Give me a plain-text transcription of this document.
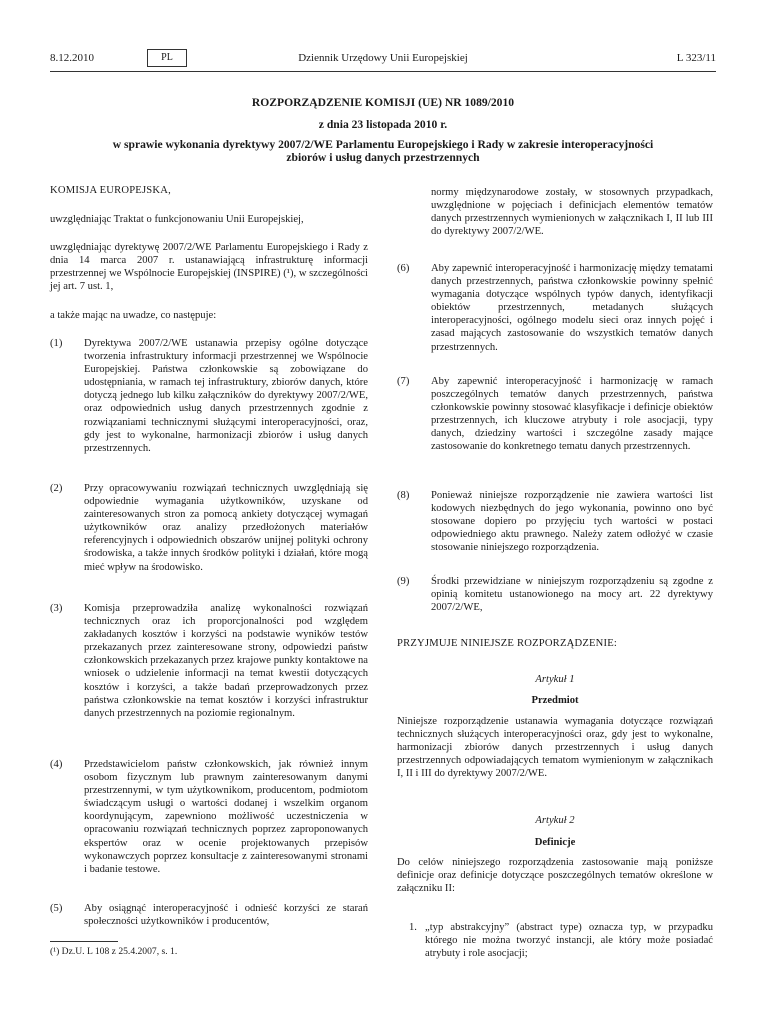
Dziennik Urzędowy Unii Europejskiej
8.12.2010	PL	L 323/11
ROZPORZĄDZENIE KOMISJI (UE) NR 1089/2010
z dnia 23 listopada 2010 r.
w sprawie wykonania dyrektywy 2007/2/WE Parlamentu Europejskiego i Rady w zakresie interoperacyjności zbiorów i usług danych przestrzennych

KOMISJA EUROPEJSKA,

uwzględniając Traktat o funkcjonowaniu Unii Europejskiej,

uwzględniając dyrektywę 2007/2/WE Parlamentu Europejskiego i Rady z dnia 14 marca 2007 r. ustanawiającą infrastrukturę informacji przestrzennej we Wspólnocie Europejskiej (INSPIRE) (¹), w szczególności jej art. 7 ust. 1,

a także mając na uwadze, co następuje:

(1) Dyrektywa 2007/2/WE ustanawia przepisy ogólne dotyczące tworzenia infrastruktury informacji przestrzennej we Wspólnocie Europejskiej. Państwa członkowskie są zobowiązane do udostępniania, w ramach tej infrastruktury, zbiorów danych, które dotyczą jednego lub kilku załączników do dyrektywy 2007/2/WE, oraz odpowiednich usług danych przestrzennych zgodnie z rozwiązaniami technicznymi służącymi interoperacyjności, oraz, gdy jest to wykonalne, harmonizacji zbiorów i usług danych przestrzennych.

(2) Przy opracowywaniu rozwiązań technicznych uwzględniają się odpowiednie wymagania użytkowników, uzyskane od zainteresowanych stron za pomocą ankiety dotyczącej wymagań użytkowników oraz analizy przedłożonych materiałów referencyjnych i odpowiednich obszarów unijnej polityki ochrony środowiska, a także innych środków polityki i działań, które mogą mieć wpływ na środowisko.

(3) Komisja przeprowadziła analizę wykonalności rozwiązań technicznych oraz ich proporcjonalności pod względem zakładanych kosztów i korzyści na podstawie wyników testów przekazanych przez zainteresowane strony, odpowiedzi państw członkowskich przekazanych przez krajowe punkty kontaktowe na wniosek o udzielenie informacji na temat kwestii dotyczących kosztów i korzyści, a także badań przeprowadzonych przez państwa członkowskie na temat kosztów i korzyści infrastruktur danych przestrzennych na poziomie regionalnym.

(4) Przedstawicielom państw członkowskich, jak również innym osobom fizycznym lub prawnym zainteresowanym danymi przestrzennymi, w tym użytkownikom, producentom, podmiotom świadczącym usługi o wartości dodanej i wszelkim organom koordynującym, zapewniono możliwość uczestniczenia w opracowaniu rozwiązań technicznych poprzez zaproponowanych ekspertów oraz w ocenie projektowanych przepisów wykonawczych poprzez konsultacje z zainteresowanymi stronami i badanie testowe.

(5) Aby osiągnąć interoperacyjność i odnieść korzyści ze starań społeczności użytkowników i producentów,

(¹) Dz.U. L 108 z 25.4.2007, s. 1.

normy międzynarodowe zostały, w stosownych przypadkach, uwzględnione w pojęciach i definicjach elementów tematów danych przestrzennych wymienionych w załącznikach I, II lub III do dyrektywy 2007/2/WE.

(6) Aby zapewnić interoperacyjność i harmonizację między tematami danych przestrzennych, państwa członkowskie powinny spełnić wymagania dotyczące wspólnych typów danych, identyfikacji obiektów przestrzennych, metadanych służących interoperacyjności, ogólnego modelu sieci oraz innych pojęć i zasad mających zastosowanie do wszystkich tematów danych przestrzennych.

(7) Aby zapewnić interoperacyjność i harmonizację w ramach poszczególnych tematów danych przestrzennych, państwa członkowskie powinny stosować klasyfikacje i definicje obiektów przestrzennych, ich kluczowe atrybuty i role asocjacji, typy danych, dziedziny wartości i szczególne zasady mające zastosowanie do konkretnego tematu danych przestrzennych.

(8) Ponieważ niniejsze rozporządzenie nie zawiera wartości list kodowych niezbędnych do jego wykonania, powinno ono być stosowane dopiero po przyjęciu tych wartości w postaci odpowiedniego aktu prawnego. Należy zatem odłożyć w czasie stosowanie niniejszego rozporządzenia.

(9) Środki przewidziane w niniejszym rozporządzeniu są zgodne z opinią komitetu ustanowionego na mocy art. 22 dyrektywy 2007/2/WE,

PRZYJMUJE NINIEJSZE ROZPORZĄDZENIE:

Artykuł 1
Przedmiot

Niniejsze rozporządzenie ustanawia wymagania dotyczące rozwiązań technicznych służących interoperacyjności oraz, gdy jest to wykonalne, harmonizacji zbiorów danych przestrzennych i usług danych przestrzennych odpowiadających tematom wymienionym w załącznikach I, II i III do dyrektywy 2007/2/WE.

Artykuł 2
Definicje

Do celów niniejszego rozporządzenia zastosowanie mają poniższe definicje oraz definicje dotyczące poszczególnych tematów określone w załączniku II:

1. „typ abstrakcyjny” (abstract type) oznacza typ, w przypadku którego nie można tworzyć instancji, ale który może posiadać atrybuty i role asocjacji;
